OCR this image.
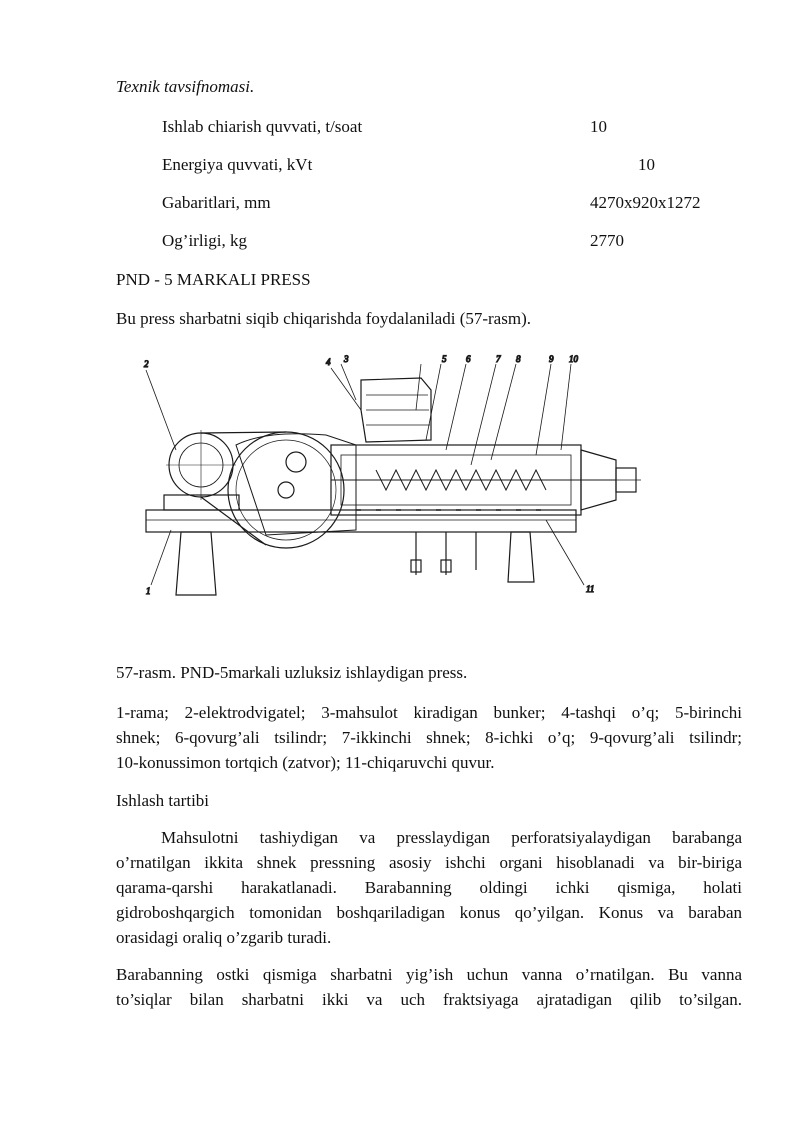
Texnik tavsifnomasi.
Ishlab chiarish quvvati, t/soat	10
Energiya quvvati, kVt	10
Gabaritlari, mm	4270x920x1272
Og’irligi, kg	2770
PND - 5 MARKALI PRESS
Bu press sharbatni siqib chiqarishda foydalaniladi (57-rasm).
2
1
4 3	5 6	7 8	9 10
11
57-rasm. PND-5markali uzluksiz ishlaydigan press.
1-rama; 2-elektrodvigatel; 3-mahsulot kiradigan bunker; 4-tashqi o’q; 5-birinchi
shnek; 6-qovurg’ali tsilindr; 7-ikkinchi shnek; 8-ichki o’q; 9-qovurg’ali tsilindr;
10-konussimon tortqich (zatvor); 11-chiqaruvchi quvur.
Ishlash tartibi
Mahsulotni tashiydigan va presslaydigan perforatsiyalaydigan barabanga
o’rnatilgan ikkita shnek pressning asosiy ishchi organi hisoblanadi va bir-biriga
qarama-qarshi harakatlanadi. Barabanning oldingi ichki qismiga, holati
gidroboshqargich tomonidan boshqariladigan konus qo’yilgan. Konus va baraban
orasidagi oraliq o’zgarib turadi.
Barabanning ostki qismiga sharbatni yig’ish uchun vanna o’rnatilgan. Bu vanna
to’siqlar bilan sharbatni ikki va uch fraktsiyaga ajratadigan qilib to’silgan.
